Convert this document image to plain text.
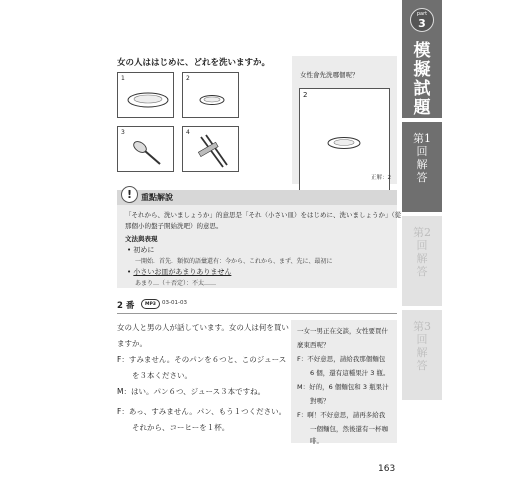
女の人ははじめに、どれを洗いますか。
1	2
3	4
女性會先洗哪個呢？
2
正解：2
part
3
模擬試題
第1回 解答
第2回 解答
第3回 解答
!	重點解說
「それから、洗いましょうか」的意思是「それ（小さい皿）をはじめに、洗いましょうか」（從
那個小的盤子開始洗吧）的意思。
文法與表現
• 初めに
一開始．首先．類似的語彙還有：今から、これから、まず、先に、最初に
• 小さいお皿があまりありません
あまり…（＋否定）：不太……
2 番	MP3	03-01-03
女の人と男の人が話しています。女の人は何を買い
ますか。
F：すみません。そのパンを６つと、このジュース
　　を３本ください。
M：はい。パン６つ、ジュース３本ですね。
F：あっ、すみません。パン、もう１つください。
　　それから、コーヒーを１杯。
一女一男正在交談，女性要買什
麼東西呢？
F：不好意思，請給我那個麵包
　　6 個，還有這種果汁 3 瓶。
M：好的，6 個麵包和 3 瓶果汁
　　對嗎？
F：啊！不好意思，請再多給我
　　一個麵包，然後還有一杯咖
　　啡。
163
